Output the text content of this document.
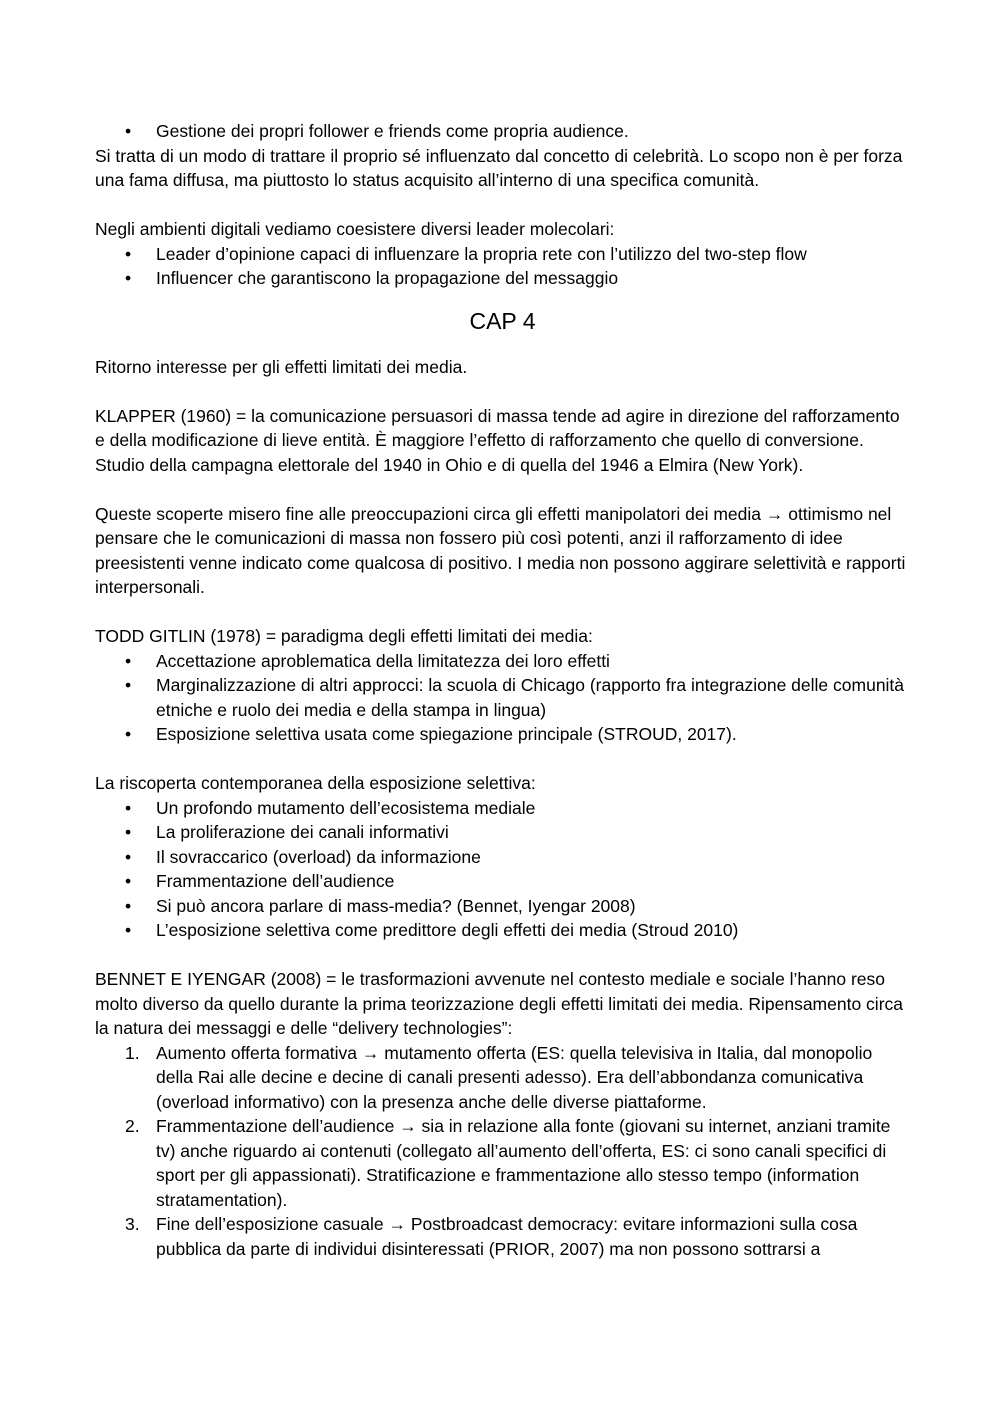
• Gestione dei propri follower e friends come propria audience.

Si tratta di un modo di trattare il proprio sé influenzato dal concetto di celebrità. Lo scopo non è per forza una fama diffusa, ma piuttosto lo status acquisito all’interno di una specifica comunità.

Negli ambienti digitali vediamo coesistere diversi leader molecolari:

• Leader d’opinione capaci di influenzare la propria rete con l’utilizzo del two-step flow
• Influencer che garantiscono la propagazione del messaggio
CAP 4

Ritorno interesse per gli effetti limitati dei media.

KLAPPER (1960) = la comunicazione persuasori di massa tende ad agire in direzione del rafforzamento e della modificazione di lieve entità. È maggiore l’effetto di rafforzamento che quello di conversione. Studio della campagna elettorale del 1940 in Ohio e di quella del 1946 a Elmira (New York).

Queste scoperte misero fine alle preoccupazioni circa gli effetti manipolatori dei media → ottimismo nel pensare che le comunicazioni di massa non fossero più così potenti, anzi il rafforzamento di idee preesistenti venne indicato come qualcosa di positivo. I media non possono aggirare selettività e rapporti interpersonali.

TODD GITLIN (1978) = paradigma degli effetti limitati dei media:

• Accettazione aproblematica della limitatezza dei loro effetti
• Marginalizzazione di altri approcci: la scuola di Chicago (rapporto fra integrazione delle comunità etniche e ruolo dei media e della stampa in lingua)
• Esposizione selettiva usata come spiegazione principale (STROUD, 2017).

La riscoperta contemporanea della esposizione selettiva:

• Un profondo mutamento dell’ecosistema mediale
• La proliferazione dei canali informativi
• Il sovraccarico (overload) da informazione
• Frammentazione dell’audience
• Si può ancora parlare di mass-media? (Bennet, Iyengar 2008)
• L’esposizione selettiva come predittore degli effetti dei media (Stroud 2010)

BENNET E IYENGAR (2008) = le trasformazioni avvenute nel contesto mediale e sociale l’hanno reso molto diverso da quello durante la prima teorizzazione degli effetti limitati dei media. Ripensamento circa la natura dei messaggi e delle “delivery technologies”:

1. Aumento offerta formativa → mutamento offerta (ES: quella televisiva in Italia, dal monopolio della Rai alle decine e decine di canali presenti adesso). Era dell’abbondanza comunicativa (overload informativo) con la presenza anche delle diverse piattaforme.
2. Frammentazione dell’audience → sia in relazione alla fonte (giovani su internet, anziani tramite tv) anche riguardo ai contenuti (collegato all’aumento dell’offerta, ES: ci sono canali specifici di sport per gli appassionati). Stratificazione e frammentazione allo stesso tempo (information stratamentation).
3. Fine dell’esposizione casuale → Postbroadcast democracy: evitare informazioni sulla cosa pubblica da parte di individui disinteressati (PRIOR, 2007) ma non possono sottrarsi a
